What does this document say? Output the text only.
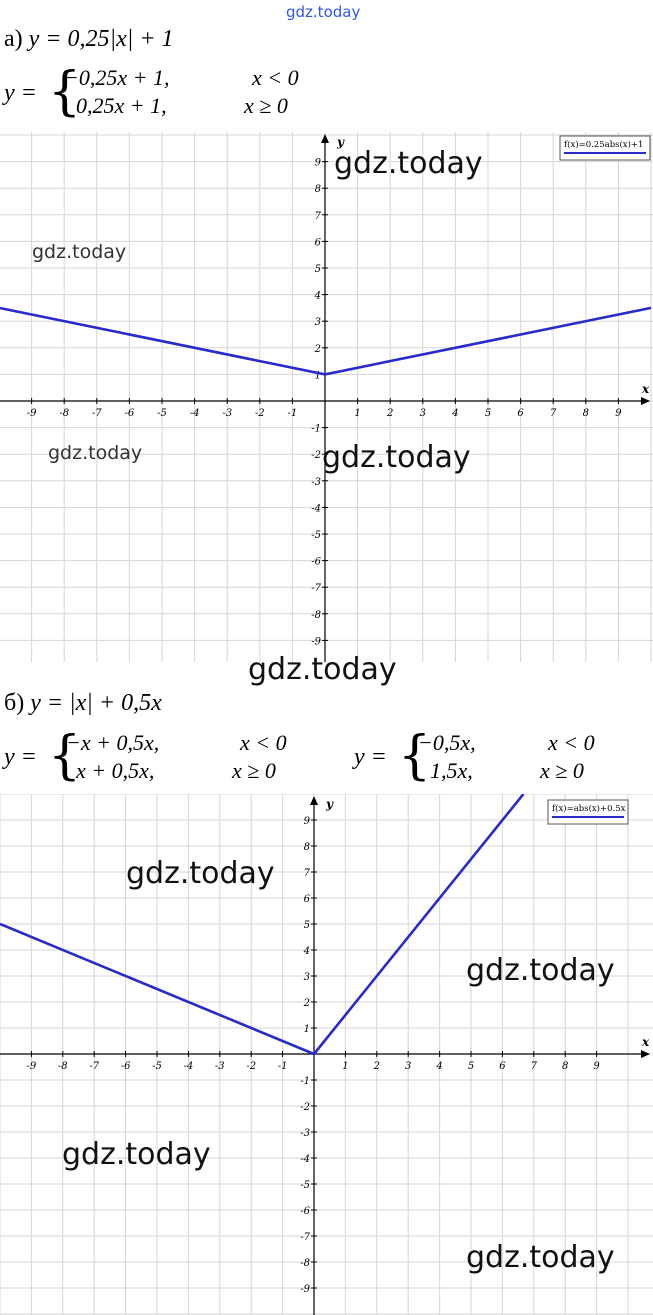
gdz.today
а) y = 0,25|x| + 1
y = {
−0,25x + 1,	x < 0
0,25x + 1,	x ≥ 0
x
y
-9 -8 -7 -6 -5 -4 -3 -2 -1	1	2	3	4	5	6	7	8	9
-9
-8
-7
-6
-5
-4
-3
-2
-1
1
2
3
4
5
6
7
8
9
f(x)=0.25abs(x)+1
б) y = |x| + 0,5x
y = {
−x + 0,5x,	x < 0
x + 0,5x,	x ≥ 0
y = {
−0,5x,	x < 0
1,5x,	x ≥ 0
x
y
-9 -8 -7 -6 -5 -4 -3 -2 -1	1	2	3	4	5	6	7	8	9
-9
-8
-7
-6
-5
-4
-3
-2
-1
1
2
3
4
5
6
7
8
9
f(x)=abs(x)+0.5x
gdz.today
gdz.today
gdz.today	gdz.today
gdz.today
gdz.today
gdz.today
gdz.today
gdz.today
